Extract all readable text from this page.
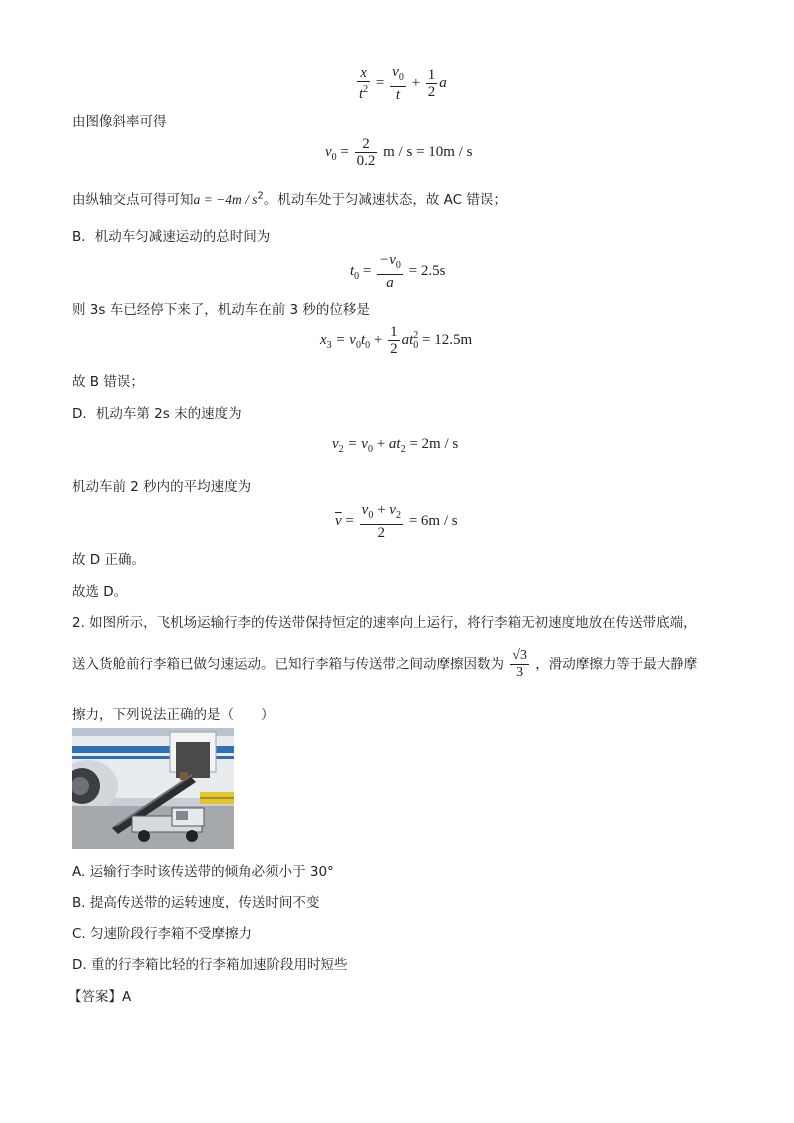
$\frac{x}{t^2} = \frac{v_0}{t} + \frac{1}{2}$ a
由图像斜率可得
$v_0 = \frac{2}{0.2}$ m / s = 10m / s
由纵轴交点可得可知$a = -4m / s^2$。机动车处于匀减速状态，故 AC 错误；
B．机动车匀减速运动的总时间为
$t_0 = \frac{-v_0}{a} = 2.5s$
则 3s 车已经停下来了，机动车在前 3 秒的位移是
$x_3 = v_0t_0 + \frac{1}{2} at_0^2 = 12.5m$
故 B 错误；
D．机动车第 2s 末的速度为
$v_2 = v_0 + at_2 = 2m / s$
机动车前 2 秒内的平均速度为
$\overline{v} = \frac{v_0 + v_2}{2} = 6m / s$
故 D 正确。
故选 D。
2. 如图所示，飞机场运输行李的传送带保持恒定的速率向上运行，将行李箱无初速度地放在传送带底端，
送入货舱前行李箱已做匀速运动。已知行李箱与传送带之间动摩擦因数为 $\frac{√3}{3}$ ，滑动摩擦力等于最大静摩
擦力，下列说法正确的是（　　）
A. 运输行李时该传送带的倾角必须小于 30°
B. 提高传送带的运转速度，传送时间不变
C. 匀速阶段行李箱不受摩擦力
D. 重的行李箱比轻的行李箱加速阶段用时短些
【答案】A
